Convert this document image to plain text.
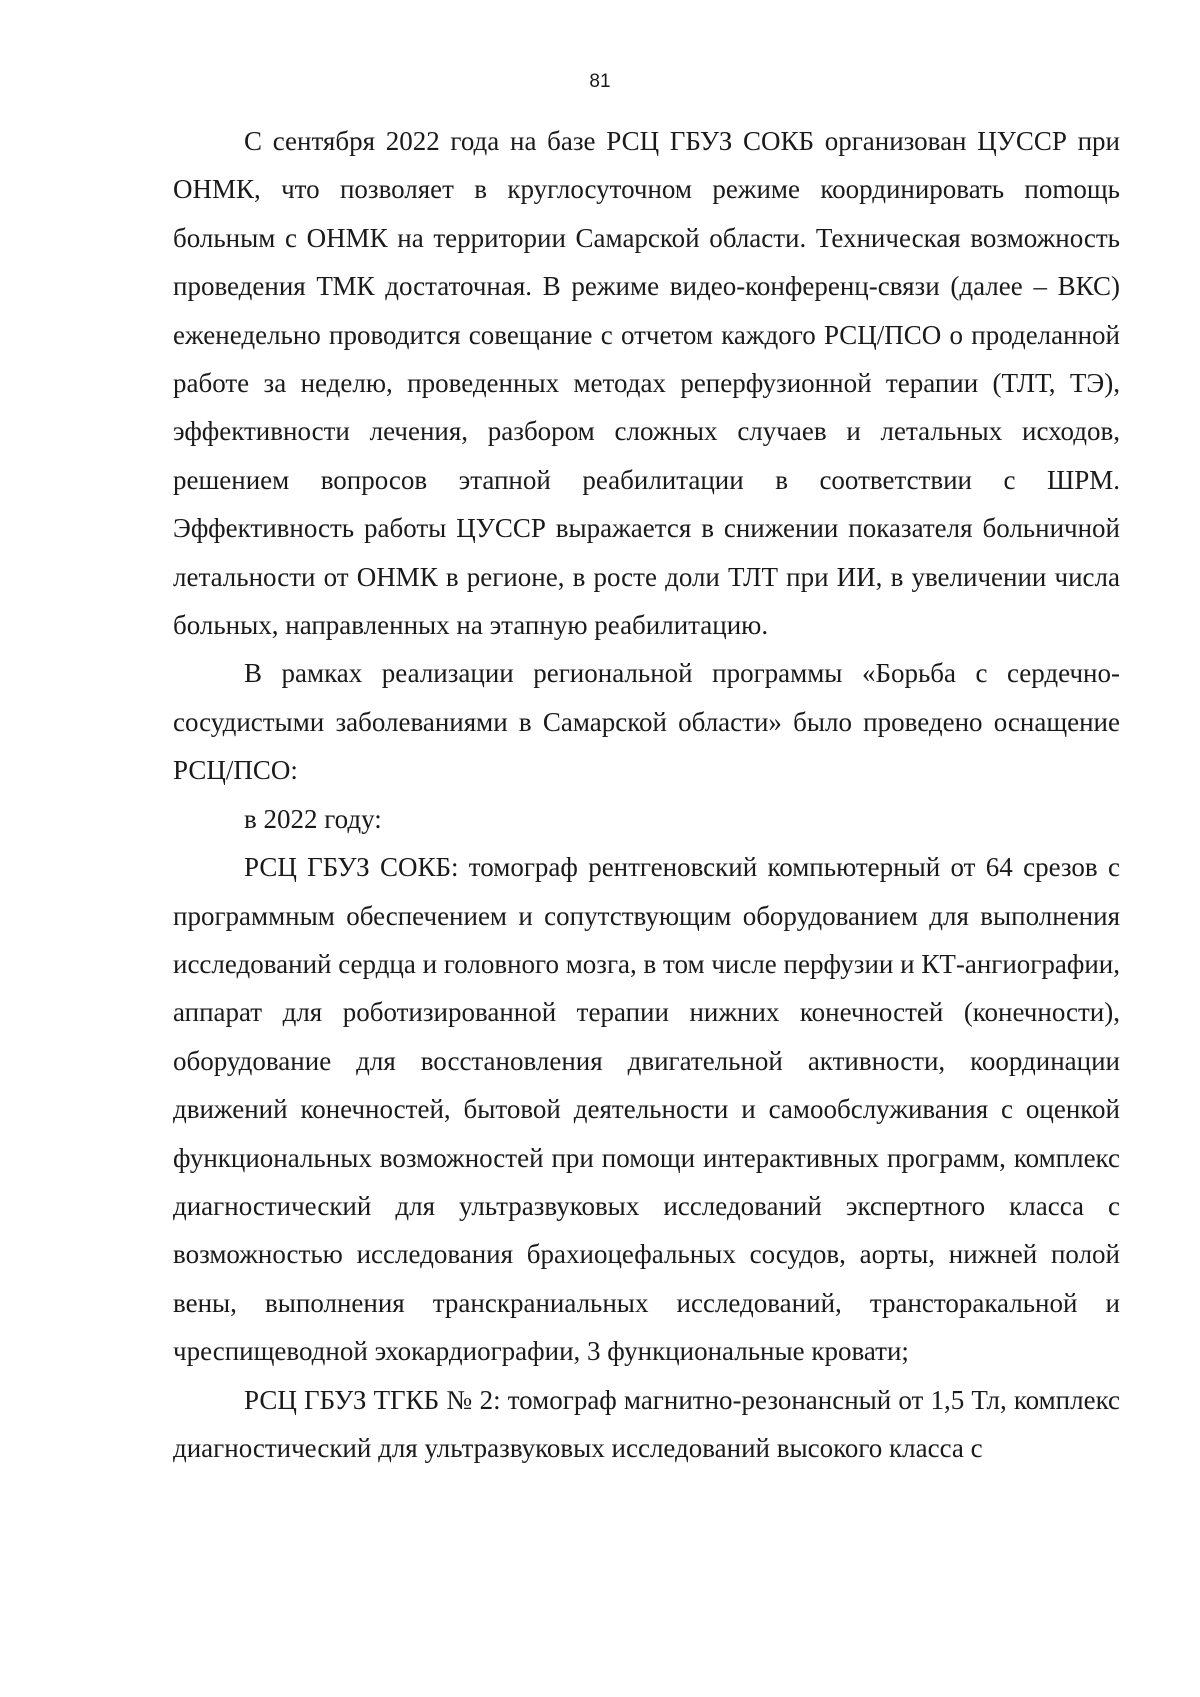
81

С сентября 2022 года на базе РСЦ ГБУЗ СОКБ организован ЦУССР при ОНМК, что позволяет в круглосуточном режиме координировать поmощь больным с ОНМК на территории Самарской области. Техническая возможность проведения ТМК достаточная. В режиме видео-конференц-связи (далее – ВКС) еженедельно проводится совещание с отчетом каждого РСЦ/ПСО о проделанной работе за неделю, проведенных методах реперфузионной терапии (ТЛТ, ТЭ), эффективности лечения, разбором сложных случаев и летальных исходов, решением вопросов этапной реабилитации в соответствии с ШРМ. Эффективность работы ЦУССР выражается в снижении показателя больничной летальности от ОНМК в регионе, в росте доли ТЛТ при ИИ, в увеличении числа больных, направленных на этапную реабилитацию.

В рамках реализации региональной программы «Борьба с сердечно-сосудистыми заболеваниями в Самарской области» было проведено оснащение РСЦ/ПСО:

в 2022 году:

РСЦ ГБУЗ СОКБ: томограф рентгеновский компьютерный от 64 срезов с программным обеспечением и сопутствующим оборудованием для выполнения исследований сердца и головного мозга, в том числе перфузии и КТ-ангиографии, аппарат для роботизированной терапии нижних конечностей (конечности), оборудование для восстановления двигательной активности, координации движений конечностей, бытовой деятельности и самообслуживания с оценкой функциональных возможностей при помощи интерактивных программ, комплекс диагностический для ультразвуковых исследований экспертного класса с возможностью исследования брахиоцефальных сосудов, аорты, нижней полой вены, выполнения транскраниальных исследований, трансторакальной и чреспищеводной эхокардиографии, 3 функциональные кровати;

РСЦ ГБУЗ ТГКБ № 2: томограф магнитно-резонансный от 1,5 Тл, комплекс диагностический для ультразвуковых исследований высокого класса с
